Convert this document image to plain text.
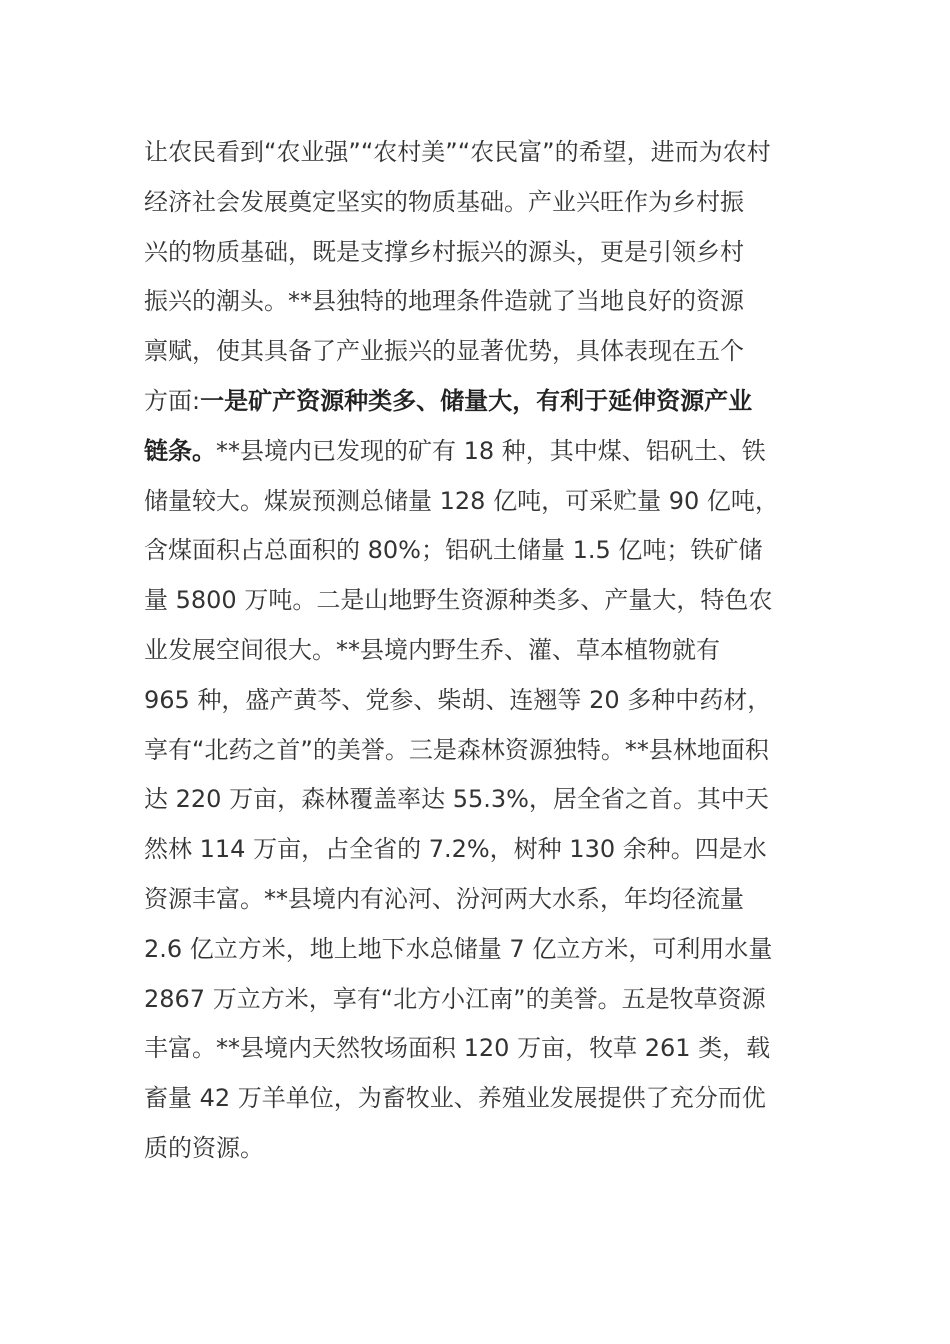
让农民看到“农业强”“农村美”“农民富”的希望，进而为农村
经济社会发展奠定坚实的物质基础。产业兴旺作为乡村振
兴的物质基础，既是支撑乡村振兴的源头，更是引领乡村
振兴的潮头。**县独特的地理条件造就了当地良好的资源
禀赋，使其具备了产业振兴的显著优势，具体表现在五个
方面:一是矿产资源种类多、储量大，有利于延伸资源产业
链条。**县境内已发现的矿有 18 种，其中煤、铝矾土、铁
储量较大。煤炭预测总储量 128 亿吨，可采贮量 90 亿吨，
含煤面积占总面积的 80%；铝矾土储量 1.5 亿吨；铁矿储
量 5800 万吨。二是山地野生资源种类多、产量大，特色农
业发展空间很大。**县境内野生乔、灌、草本植物就有
965 种，盛产黄芩、党参、柴胡、连翘等 20 多种中药材，
享有“北药之首”的美誉。三是森林资源独特。**县林地面积
达 220 万亩，森林覆盖率达 55.3%，居全省之首。其中天
然林 114 万亩，占全省的 7.2%，树种 130 余种。四是水
资源丰富。**县境内有沁河、汾河两大水系，年均径流量
2.6 亿立方米，地上地下水总储量 7 亿立方米，可利用水量
2867 万立方米，享有“北方小江南”的美誉。五是牧草资源
丰富。**县境内天然牧场面积 120 万亩，牧草 261 类，载
畜量 42 万羊单位，为畜牧业、养殖业发展提供了充分而优
质的资源。
